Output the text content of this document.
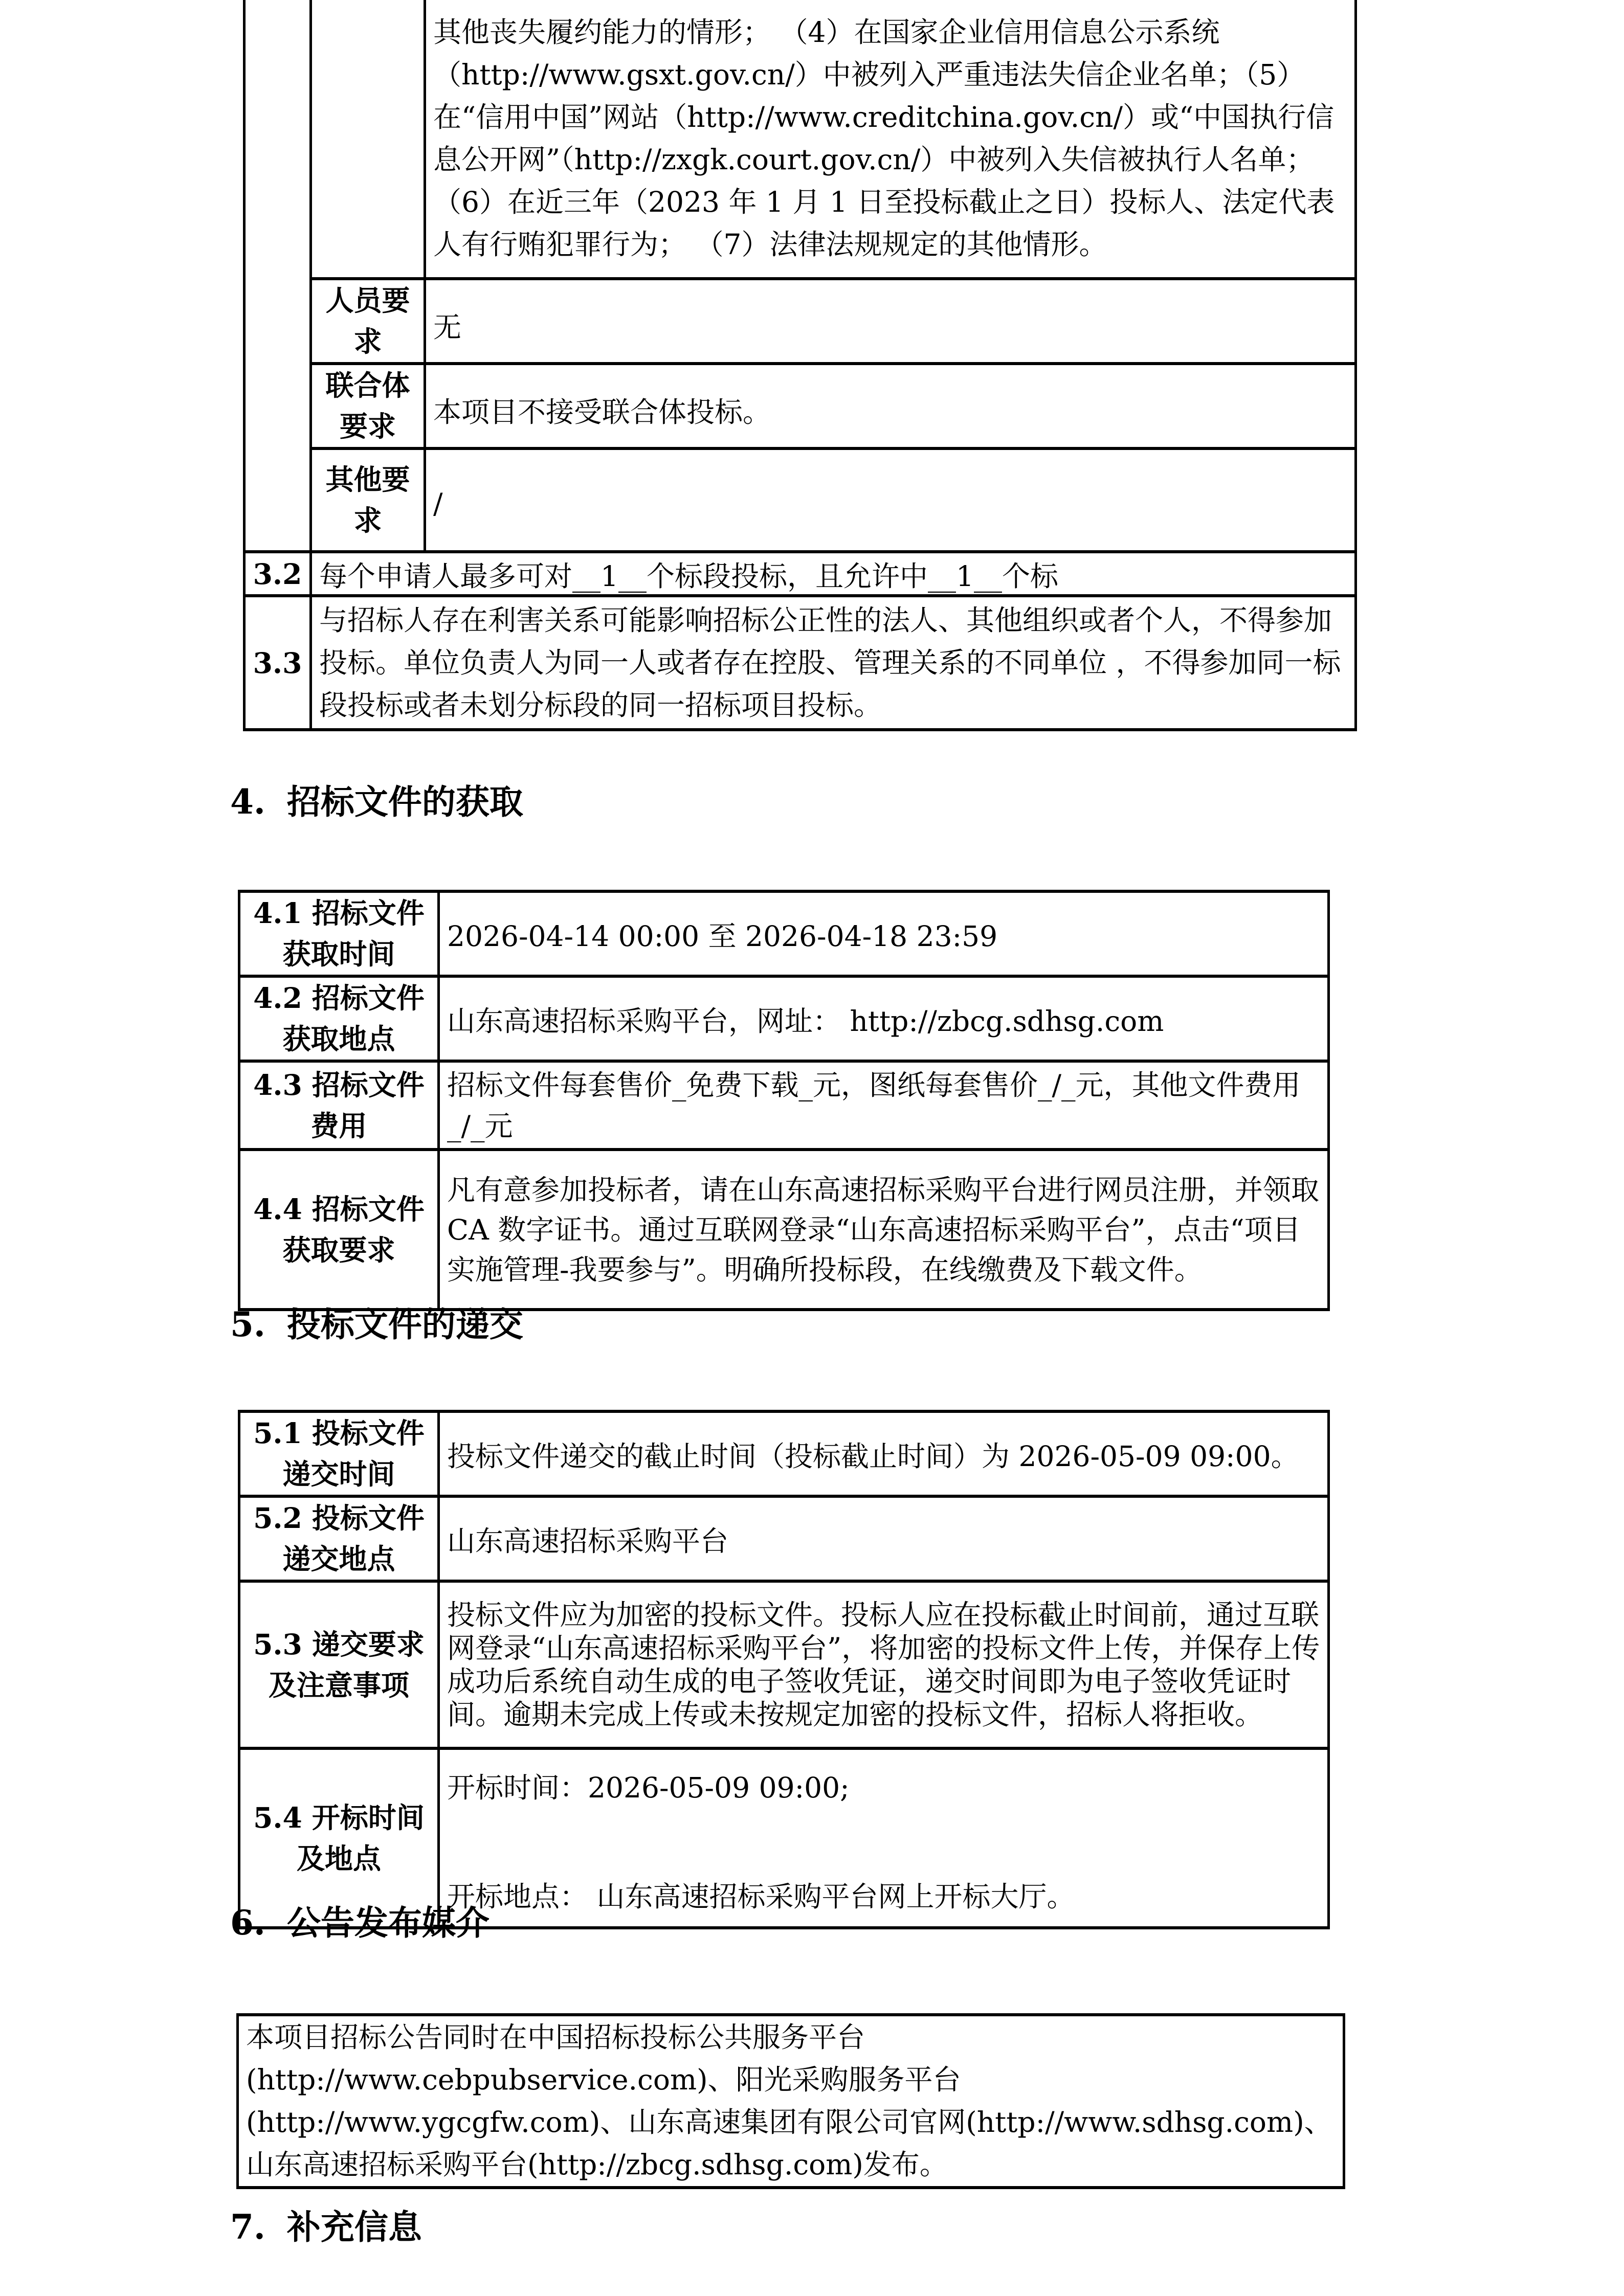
		其他丧失履约能力的情形； （4）在国家企业信用信息公示系统（http://www.gsxt.gov.cn/）中被列入严重违法失信企业名单；（5）在“信用中国”网站（http://www.creditchina.gov.cn/）或“中国执行信息公开网”（http://zxgk.court.gov.cn/）中被列入失信被执行人名单； （6）在近三年（2023 年 1 月 1 日至投标截止之日）投标人、法定代表人有行贿犯罪行为； （7）法律法规规定的其他情形。
	人员要求	无
	联合体要求	本项目不接受联合体投标。
	其他要求	/
3.2	每个申请人最多可对__1__个标段投标，且允许中__1__个标	
3.3	与招标人存在利害关系可能影响招标公正性的法人、其他组织或者个人，不得参加投标。单位负责人为同一人或者存在控股、管理关系的不同单位 ，不得参加同一标段投标或者未划分标段的同一招标项目投标。	
4. 招标文件的获取
4.1 招标文件获取时间	2026-04-14 00:00 至 2026-04-18 23:59
4.2 招标文件获取地点	山东高速招标采购平台，网址： http://zbcg.sdhsg.com
4.3 招标文件费用	招标文件每套售价_免费下载_元，图纸每套售价_/_元，其他文件费用_/_元
4.4 招标文件获取要求	凡有意参加投标者，请在山东高速招标采购平台进行网员注册，并领取 CA 数字证书。通过互联网登录“山东高速招标采购平台”，点击“项目实施管理-我要参与”。明确所投标段，在线缴费及下载文件。
5. 投标文件的递交
5.1 投标文件递交时间	投标文件递交的截止时间（投标截止时间）为 2026-05-09 09:00。
5.2 投标文件递交地点	山东高速招标采购平台
5.3 递交要求及注意事项	投标文件应为加密的投标文件。投标人应在投标截止时间前，通过互联网登录“山东高速招标采购平台”，将加密的投标文件上传，并保存上传成功后系统自动生成的电子签收凭证，递交时间即为电子签收凭证时间。逾期未完成上传或未按规定加密的投标文件，招标人将拒收。
5.4 开标时间及地点	开标时间：2026-05-09 09:00;
开标地点： 山东高速招标采购平台网上开标大厅。
6. 公告发布媒介
本项目招标公告同时在中国招标投标公共服务平台(http://www.cebpubservice.com)、阳光采购服务平台(http://www.ygcgfw.com)、山东高速集团有限公司官网(http://www.sdhsg.com)、山东高速招标采购平台(http://zbcg.sdhsg.com)发布。
7. 补充信息
